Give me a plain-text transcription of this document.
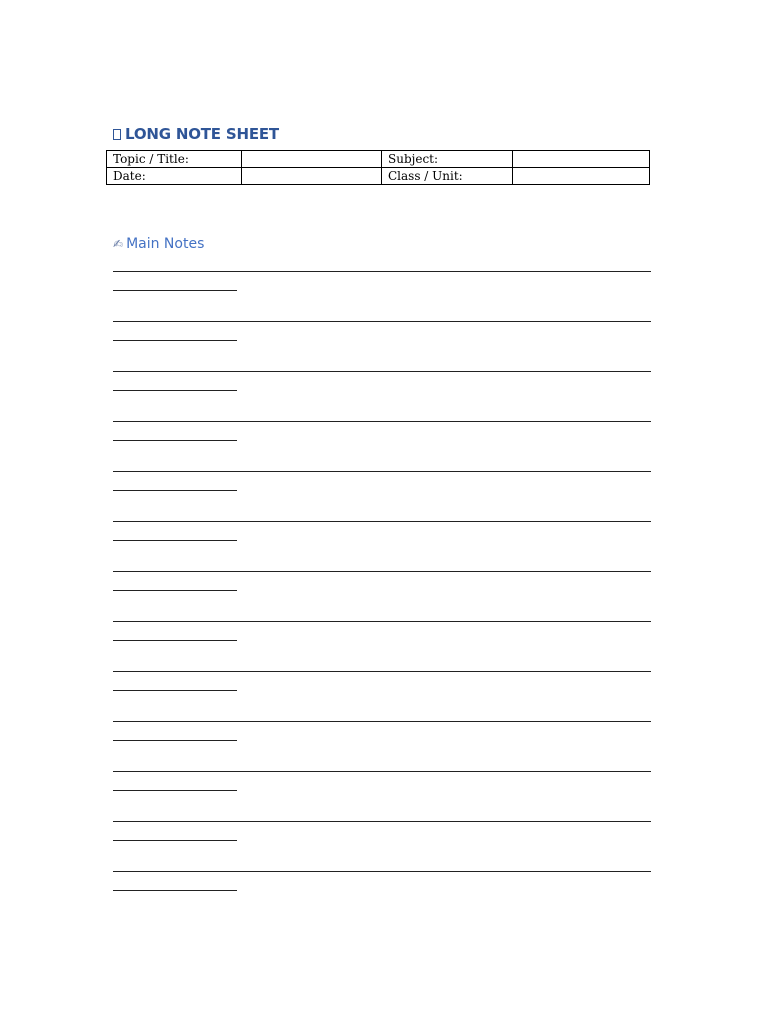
LONG NOTE SHEET
Topic / Title:		Subject:	
Date:		Class / Unit:	
✍ Main Notes
